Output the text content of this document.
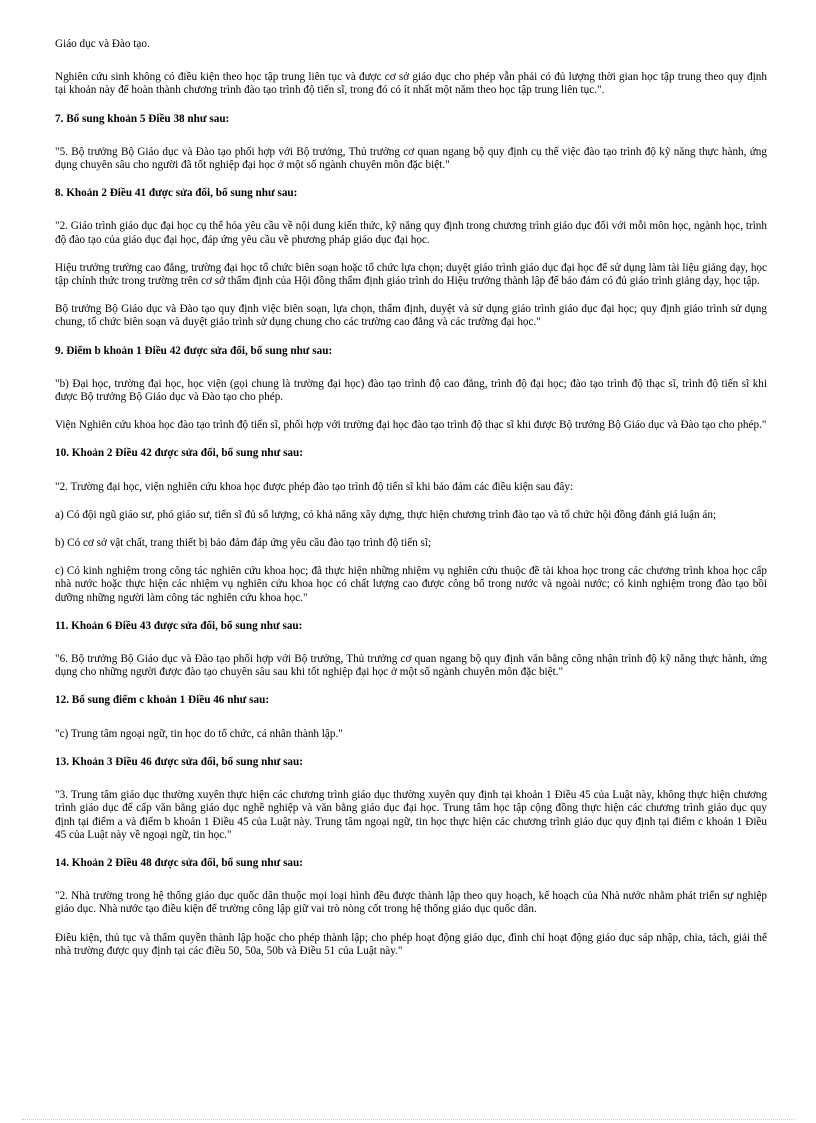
Giáo dục và Đào tạo.

Nghiên cứu sinh không có điều kiện theo học tập trung liên tục và được cơ sở giáo dục cho phép vẫn phải có đủ lượng thời gian học tập trung theo quy định tại khoản này để hoàn thành chương trình đào tạo trình độ tiến sĩ, trong đó có ít nhất một năm theo học tập trung liên tục.".

7. Bổ sung khoản 5 Điều 38 như sau:

"5. Bộ trưởng Bộ Giáo dục và Đào tạo phối hợp với Bộ trưởng, Thủ trưởng cơ quan ngang bộ quy định cụ thể việc đào tạo trình độ kỹ năng thực hành, ứng dụng chuyên sâu cho người đã tốt nghiệp đại học ở một số ngành chuyên môn đặc biệt."

8. Khoản 2 Điều 41 được sửa đổi, bổ sung như sau:

"2. Giáo trình giáo dục đại học cụ thể hóa yêu cầu về nội dung kiến thức, kỹ năng quy định trong chương trình giáo dục đối với mỗi môn học, ngành học, trình độ đào tạo của giáo dục đại học, đáp ứng yêu cầu về phương pháp giáo dục đại học.

Hiệu trưởng trường cao đẳng, trường đại học tổ chức biên soạn hoặc tổ chức lựa chọn; duyệt giáo trình giáo dục đại học để sử dụng làm tài liệu giảng dạy, học tập chính thức trong trường trên cơ sở thẩm định của Hội đồng thẩm định giáo trình do Hiệu trưởng thành lập để bảo đảm có đủ giáo trình giảng dạy, học tập.

Bộ trưởng Bộ Giáo dục và Đào tạo quy định việc biên soạn, lựa chọn, thẩm định, duyệt và sử dụng giáo trình giáo dục đại học; quy định giáo trình sử dụng chung, tổ chức biên soạn và duyệt giáo trình sử dụng chung cho các trường cao đẳng và các trường đại học."

9. Điểm b khoản 1 Điều 42 được sửa đổi, bổ sung như sau:

"b) Đại học, trường đại học, học viện (gọi chung là trường đại học) đào tạo trình độ cao đẳng, trình độ đại học; đào tạo trình độ thạc sĩ, trình độ tiến sĩ khi được Bộ trưởng Bộ Giáo dục và Đào tạo cho phép.

Viện Nghiên cứu khoa học đào tạo trình độ tiến sĩ, phối hợp với trường đại học đào tạo trình độ thạc sĩ khi được Bộ trưởng Bộ Giáo dục và Đào tạo cho phép."

10. Khoản 2 Điều 42 được sửa đổi, bổ sung như sau:

"2. Trường đại học, viện nghiên cứu khoa học được phép đào tạo trình độ tiến sĩ khi bảo đảm các điều kiện sau đây:

a) Có đội ngũ giáo sư, phó giáo sư, tiến sĩ đủ số lượng, có khả năng xây dựng, thực hiện chương trình đào tạo và tổ chức hội đồng đánh giá luận án;

b) Có cơ sở vật chất, trang thiết bị bảo đảm đáp ứng yêu cầu đào tạo trình độ tiến sĩ;

c) Có kinh nghiệm trong công tác nghiên cứu khoa học; đã thực hiện những nhiệm vụ nghiên cứu thuộc đề tài khoa học trong các chương trình khoa học cấp nhà nước hoặc thực hiện các nhiệm vụ nghiên cứu khoa học có chất lượng cao được công bố trong nước và ngoài nước; có kinh nghiệm trong đào tạo bồi dưỡng những người làm công tác nghiên cứu khoa học."

11. Khoản 6 Điều 43 được sửa đổi, bổ sung như sau:

"6. Bộ trưởng Bộ Giáo dục và Đào tạo phối hợp với Bộ trưởng, Thủ trưởng cơ quan ngang bộ quy định văn bằng công nhận trình độ kỹ năng thực hành, ứng dụng cho những người được đào tạo chuyên sâu sau khi tốt nghiệp đại học ở một số ngành chuyên môn đặc biệt."

12. Bổ sung điểm c khoản 1 Điều 46 như sau:

"c) Trung tâm ngoại ngữ, tin học do tổ chức, cá nhân thành lập."

13. Khoản 3 Điều 46 được sửa đổi, bổ sung như sau:

"3. Trung tâm giáo dục thường xuyên thực hiện các chương trình giáo dục thường xuyên quy định tại khoản 1 Điều 45 của Luật này, không thực hiện chương trình giáo dục để cấp văn bằng giáo dục nghề nghiệp và văn bằng giáo dục đại học. Trung tâm học tập cộng đồng thực hiện các chương trình giáo dục quy định tại điểm a và điểm b khoản 1 Điều 45 của Luật này. Trung tâm ngoại ngữ, tin học thực hiện các chương trình giáo dục quy định tại điểm c khoản 1 Điều 45 của Luật này về ngoại ngữ, tin học."

14. Khoản 2 Điều 48 được sửa đổi, bổ sung như sau:

"2. Nhà trường trong hệ thống giáo dục quốc dân thuộc mọi loại hình đều được thành lập theo quy hoạch, kế hoạch của Nhà nước nhằm phát triển sự nghiệp giáo dục. Nhà nước tạo điều kiện để trường công lập giữ vai trò nòng cốt trong hệ thống giáo dục quốc dân.

Điều kiện, thủ tục và thẩm quyền thành lập hoặc cho phép thành lập; cho phép hoạt động giáo dục, đình chỉ hoạt động giáo dục sáp nhập, chia, tách, giải thể nhà trường được quy định tại các điều 50, 50a, 50b và Điều 51 của Luật này."
